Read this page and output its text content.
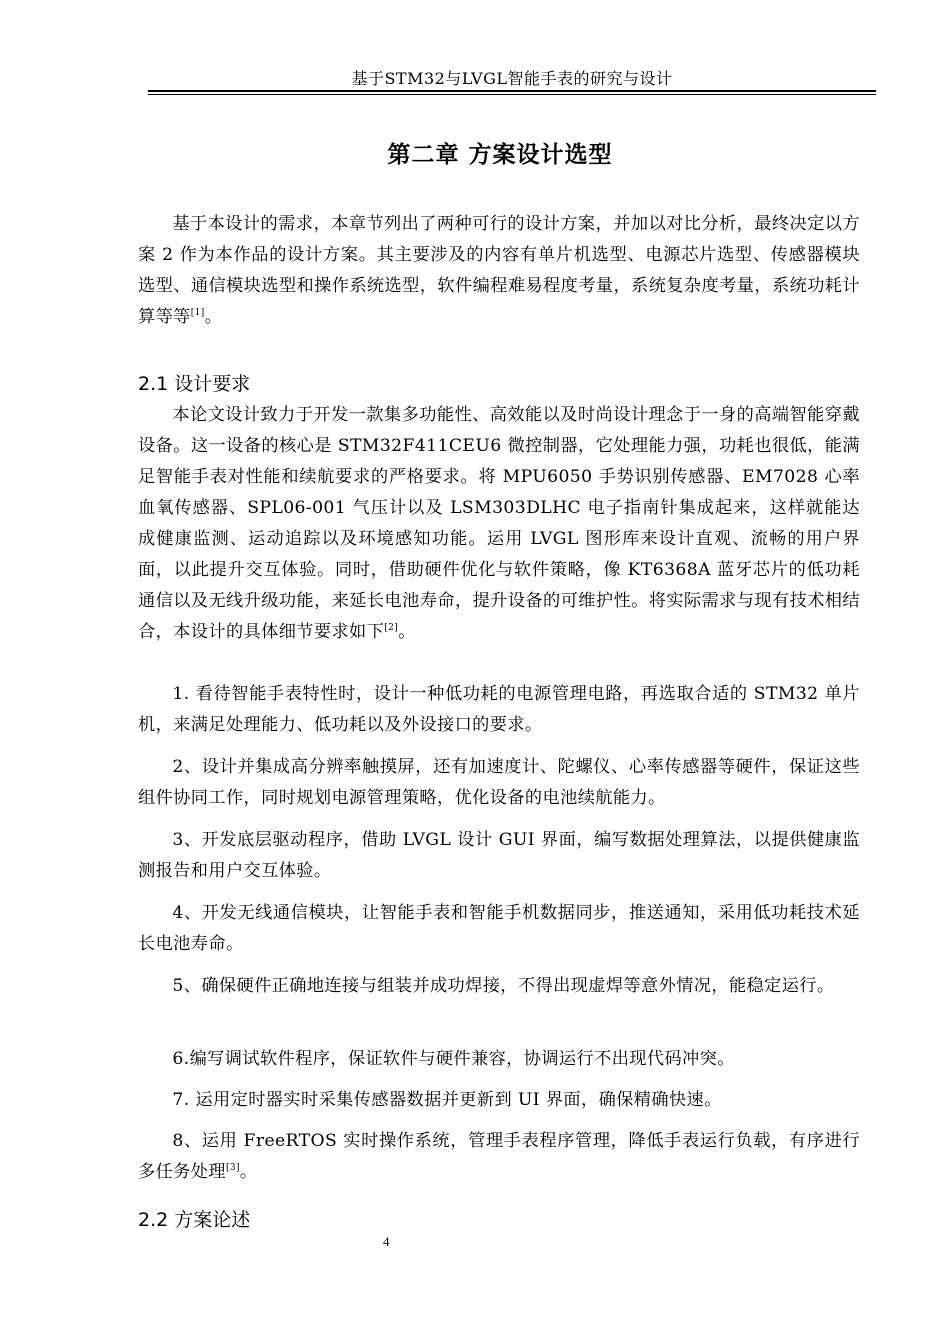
基于STM32与LVGL智能手表的研究与设计
第二章 方案设计选型

基于本设计的需求，本章节列出了两种可行的设计方案，并加以对比分析，最终决定以方案 2 作为本作品的设计方案。其主要涉及的内容有单片机选型、电源芯片选型、传感器模块选型、通信模块选型和操作系统选型，软件编程难易程度考量，系统复杂度考量，系统功耗计算等等[1]。

2.1 设计要求

本论文设计致力于开发一款集多功能性、高效能以及时尚设计理念于一身的高端智能穿戴设备。这一设备的核心是 STM32F411CEU6 微控制器，它处理能力强，功耗也很低，能满足智能手表对性能和续航要求的严格要求。将 MPU6050 手势识别传感器、EM7028 心率血氧传感器、SPL06-001 气压计以及 LSM303DLHC 电子指南针集成起来，这样就能达成健康监测、运动追踪以及环境感知功能。运用 LVGL 图形库来设计直观、流畅的用户界面，以此提升交互体验。同时，借助硬件优化与软件策略，像 KT6368A 蓝牙芯片的低功耗通信以及无线升级功能，来延长电池寿命，提升设备的可维护性。将实际需求与现有技术相结合，本设计的具体细节要求如下[2]。

1. 看待智能手表特性时，设计一种低功耗的电源管理电路，再选取合适的 STM32 单片机，来满足处理能力、低功耗以及外设接口的要求。

2、设计并集成高分辨率触摸屏，还有加速度计、陀螺仪、心率传感器等硬件，保证这些组件协同工作，同时规划电源管理策略，优化设备的电池续航能力。

3、开发底层驱动程序，借助 LVGL 设计 GUI 界面，编写数据处理算法，以提供健康监测报告和用户交互体验。

4、开发无线通信模块，让智能手表和智能手机数据同步，推送通知，采用低功耗技术延长电池寿命。

5、确保硬件正确地连接与组装并成功焊接，不得出现虚焊等意外情况，能稳定运行。

6.编写调试软件程序，保证软件与硬件兼容，协调运行不出现代码冲突。

7. 运用定时器实时采集传感器数据并更新到 UI 界面，确保精确快速。

8、运用 FreeRTOS 实时操作系统，管理手表程序管理，降低手表运行负载，有序进行多任务处理[3]。

2.2 方案论述
4
